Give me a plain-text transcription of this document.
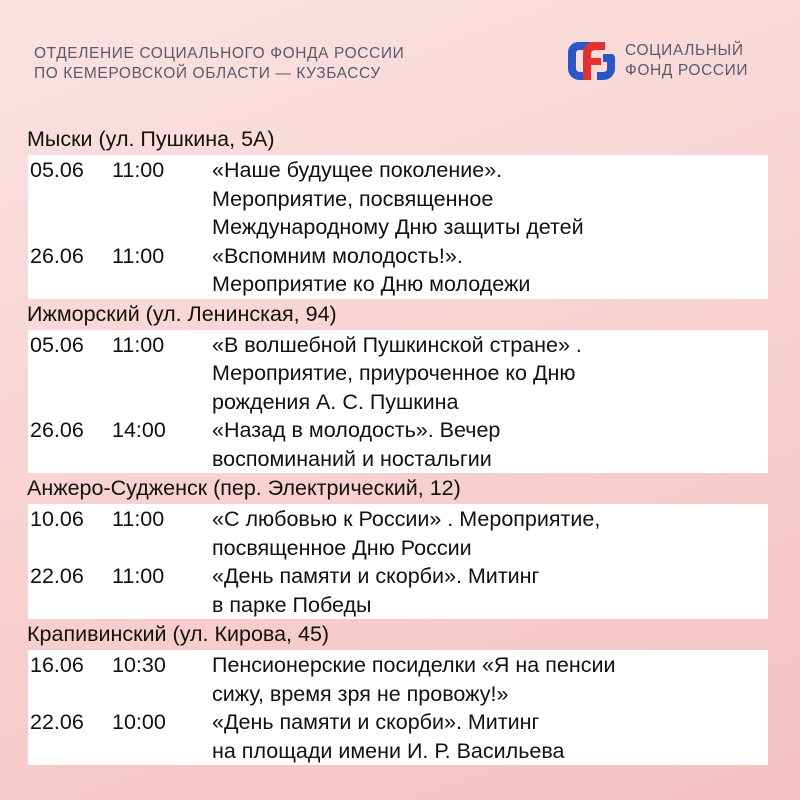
ОТДЕЛЕНИЕ СОЦИАЛЬНОГО ФОНДА РОССИИ
ПО КЕМЕРОВСКОЙ ОБЛАСТИ — КУЗБАССУ
СОЦИАЛЬНЫЙ
ФОНД РОССИИ
Мыски (ул. Пушкина, 5А)
05.06	11:00	«Наше будущее поколение».
Мероприятие, посвященное
Международному Дню защиты детей
26.06	11:00	«Вспомним молодость!».
Мероприятие ко Дню молодежи
Ижморский (ул. Ленинская, 94)
05.06	11:00	«В волшебной Пушкинской стране» .
Мероприятие, приуроченное ко Дню
рождения А. С. Пушкина
26.06	14:00	«Назад в молодость». Вечер
воспоминаний и ностальгии
Анжеро-Судженск (пер. Электрический, 12)
10.06	11:00	«С любовью к России» . Мероприятие,
посвященное Дню России
22.06	11:00	«День памяти и скорби». Митинг
в парке Победы
Крапивинский (ул. Кирова, 45)
16.06	10:30	Пенсионерские посиделки «Я на пенсии
сижу, время зря не провожу!»
22.06	10:00	«День памяти и скорби». Митинг
на площади имени И. Р. Васильева
